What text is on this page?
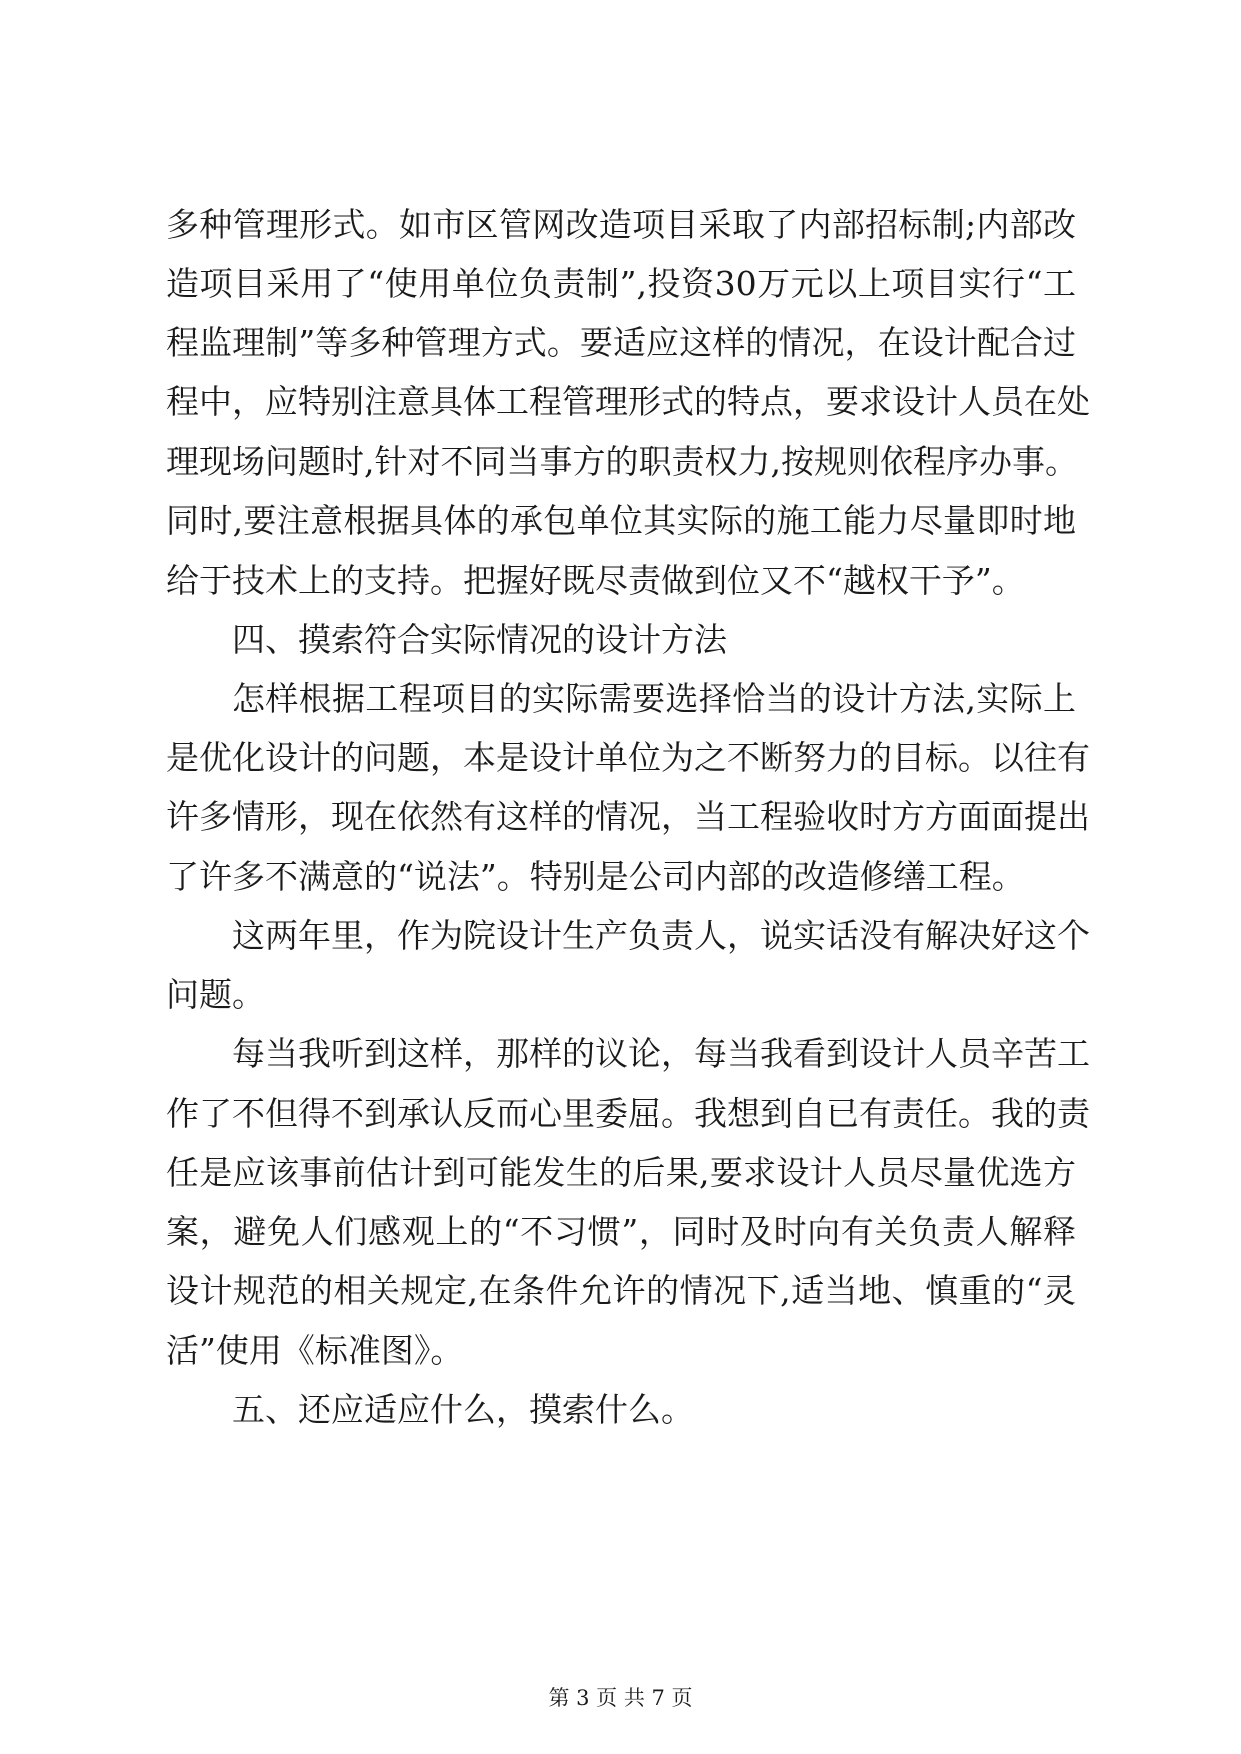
多种管理形式。如市区管网改造项目采取了内部招标制;内部改
造项目采用了“使用单位负责制”,投资30万元以上项目实行“工
程监理制”等多种管理方式。要适应这样的情况，在设计配合过
程中，应特别注意具体工程管理形式的特点，要求设计人员在处
理现场问题时,针对不同当事方的职责权力,按规则依程序办事。
同时,要注意根据具体的承包单位其实际的施工能力尽量即时地
给于技术上的支持。把握好既尽责做到位又不“越权干予”。
四、摸索符合实际情况的设计方法
怎样根据工程项目的实际需要选择恰当的设计方法,实际上
是优化设计的问题，本是设计单位为之不断努力的目标。以往有
许多情形，现在依然有这样的情况，当工程验收时方方面面提出
了许多不满意的“说法”。特别是公司内部的改造修缮工程。
这两年里，作为院设计生产负责人，说实话没有解决好这个
问题。
每当我听到这样，那样的议论，每当我看到设计人员辛苦工
作了不但得不到承认反而心里委屈。我想到自已有责任。我的责
任是应该事前估计到可能发生的后果,要求设计人员尽量优选方
案，避免人们感观上的“不习惯”，同时及时向有关负责人解释
设计规范的相关规定,在条件允许的情况下,适当地、慎重的“灵
活”使用《标准图》。
五、还应适应什么，摸索什么。
第 3 页 共 7 页
